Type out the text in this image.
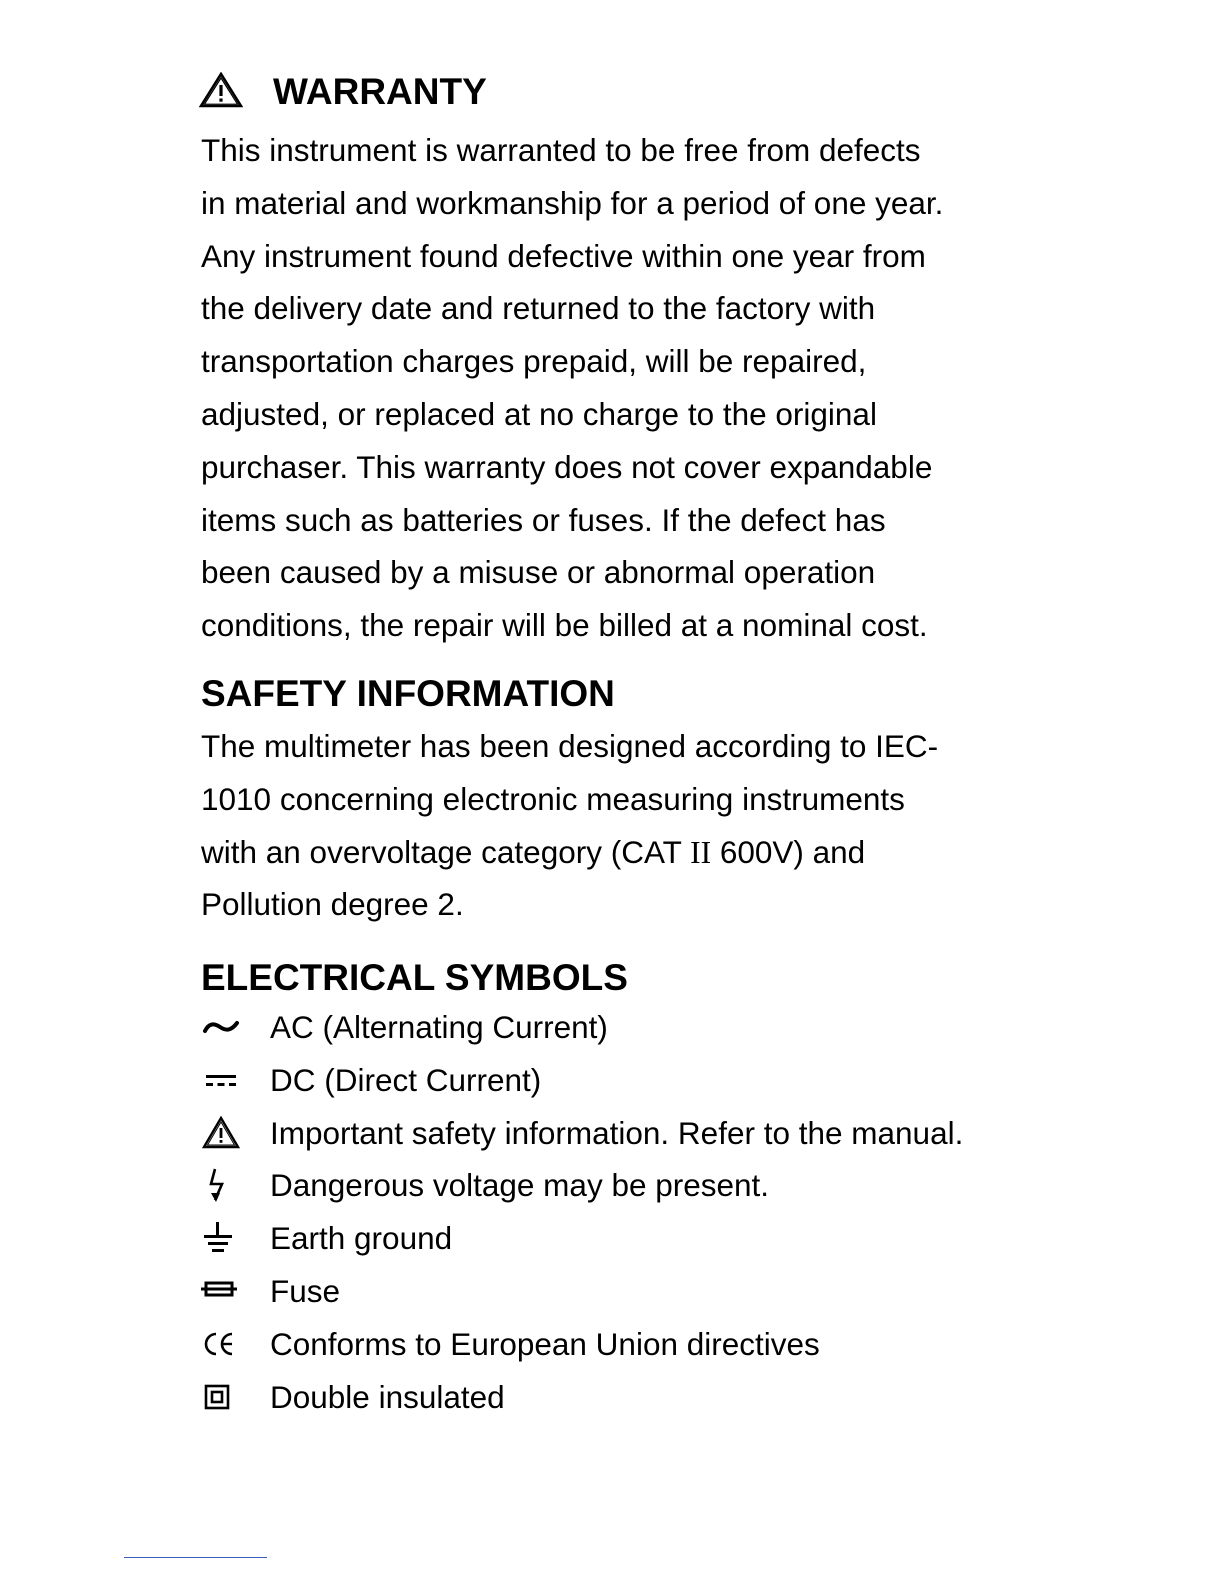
WARRANTY
This instrument is warranted to be free from defects
in material and workmanship for a period of one year.
Any instrument found defective within one year from
the delivery date and returned to the factory with
transportation charges prepaid, will be repaired,
adjusted, or replaced at no charge to the original
purchaser. This warranty does not cover expandable
items such as batteries or fuses. If the defect has
been caused by a misuse or abnormal operation
conditions, the repair will be billed at a nominal cost.
SAFETY INFORMATION
The multimeter has been designed according to IEC-
1010 concerning electronic measuring instruments
with an overvoltage category (CAT II 600V) and
Pollution degree 2.
ELECTRICAL SYMBOLS
AC (Alternating Current)
DC (Direct Current)
Important safety information. Refer to the manual.
Dangerous voltage may be present.
Earth ground
Fuse
Conforms to European Union directives
Double insulated
